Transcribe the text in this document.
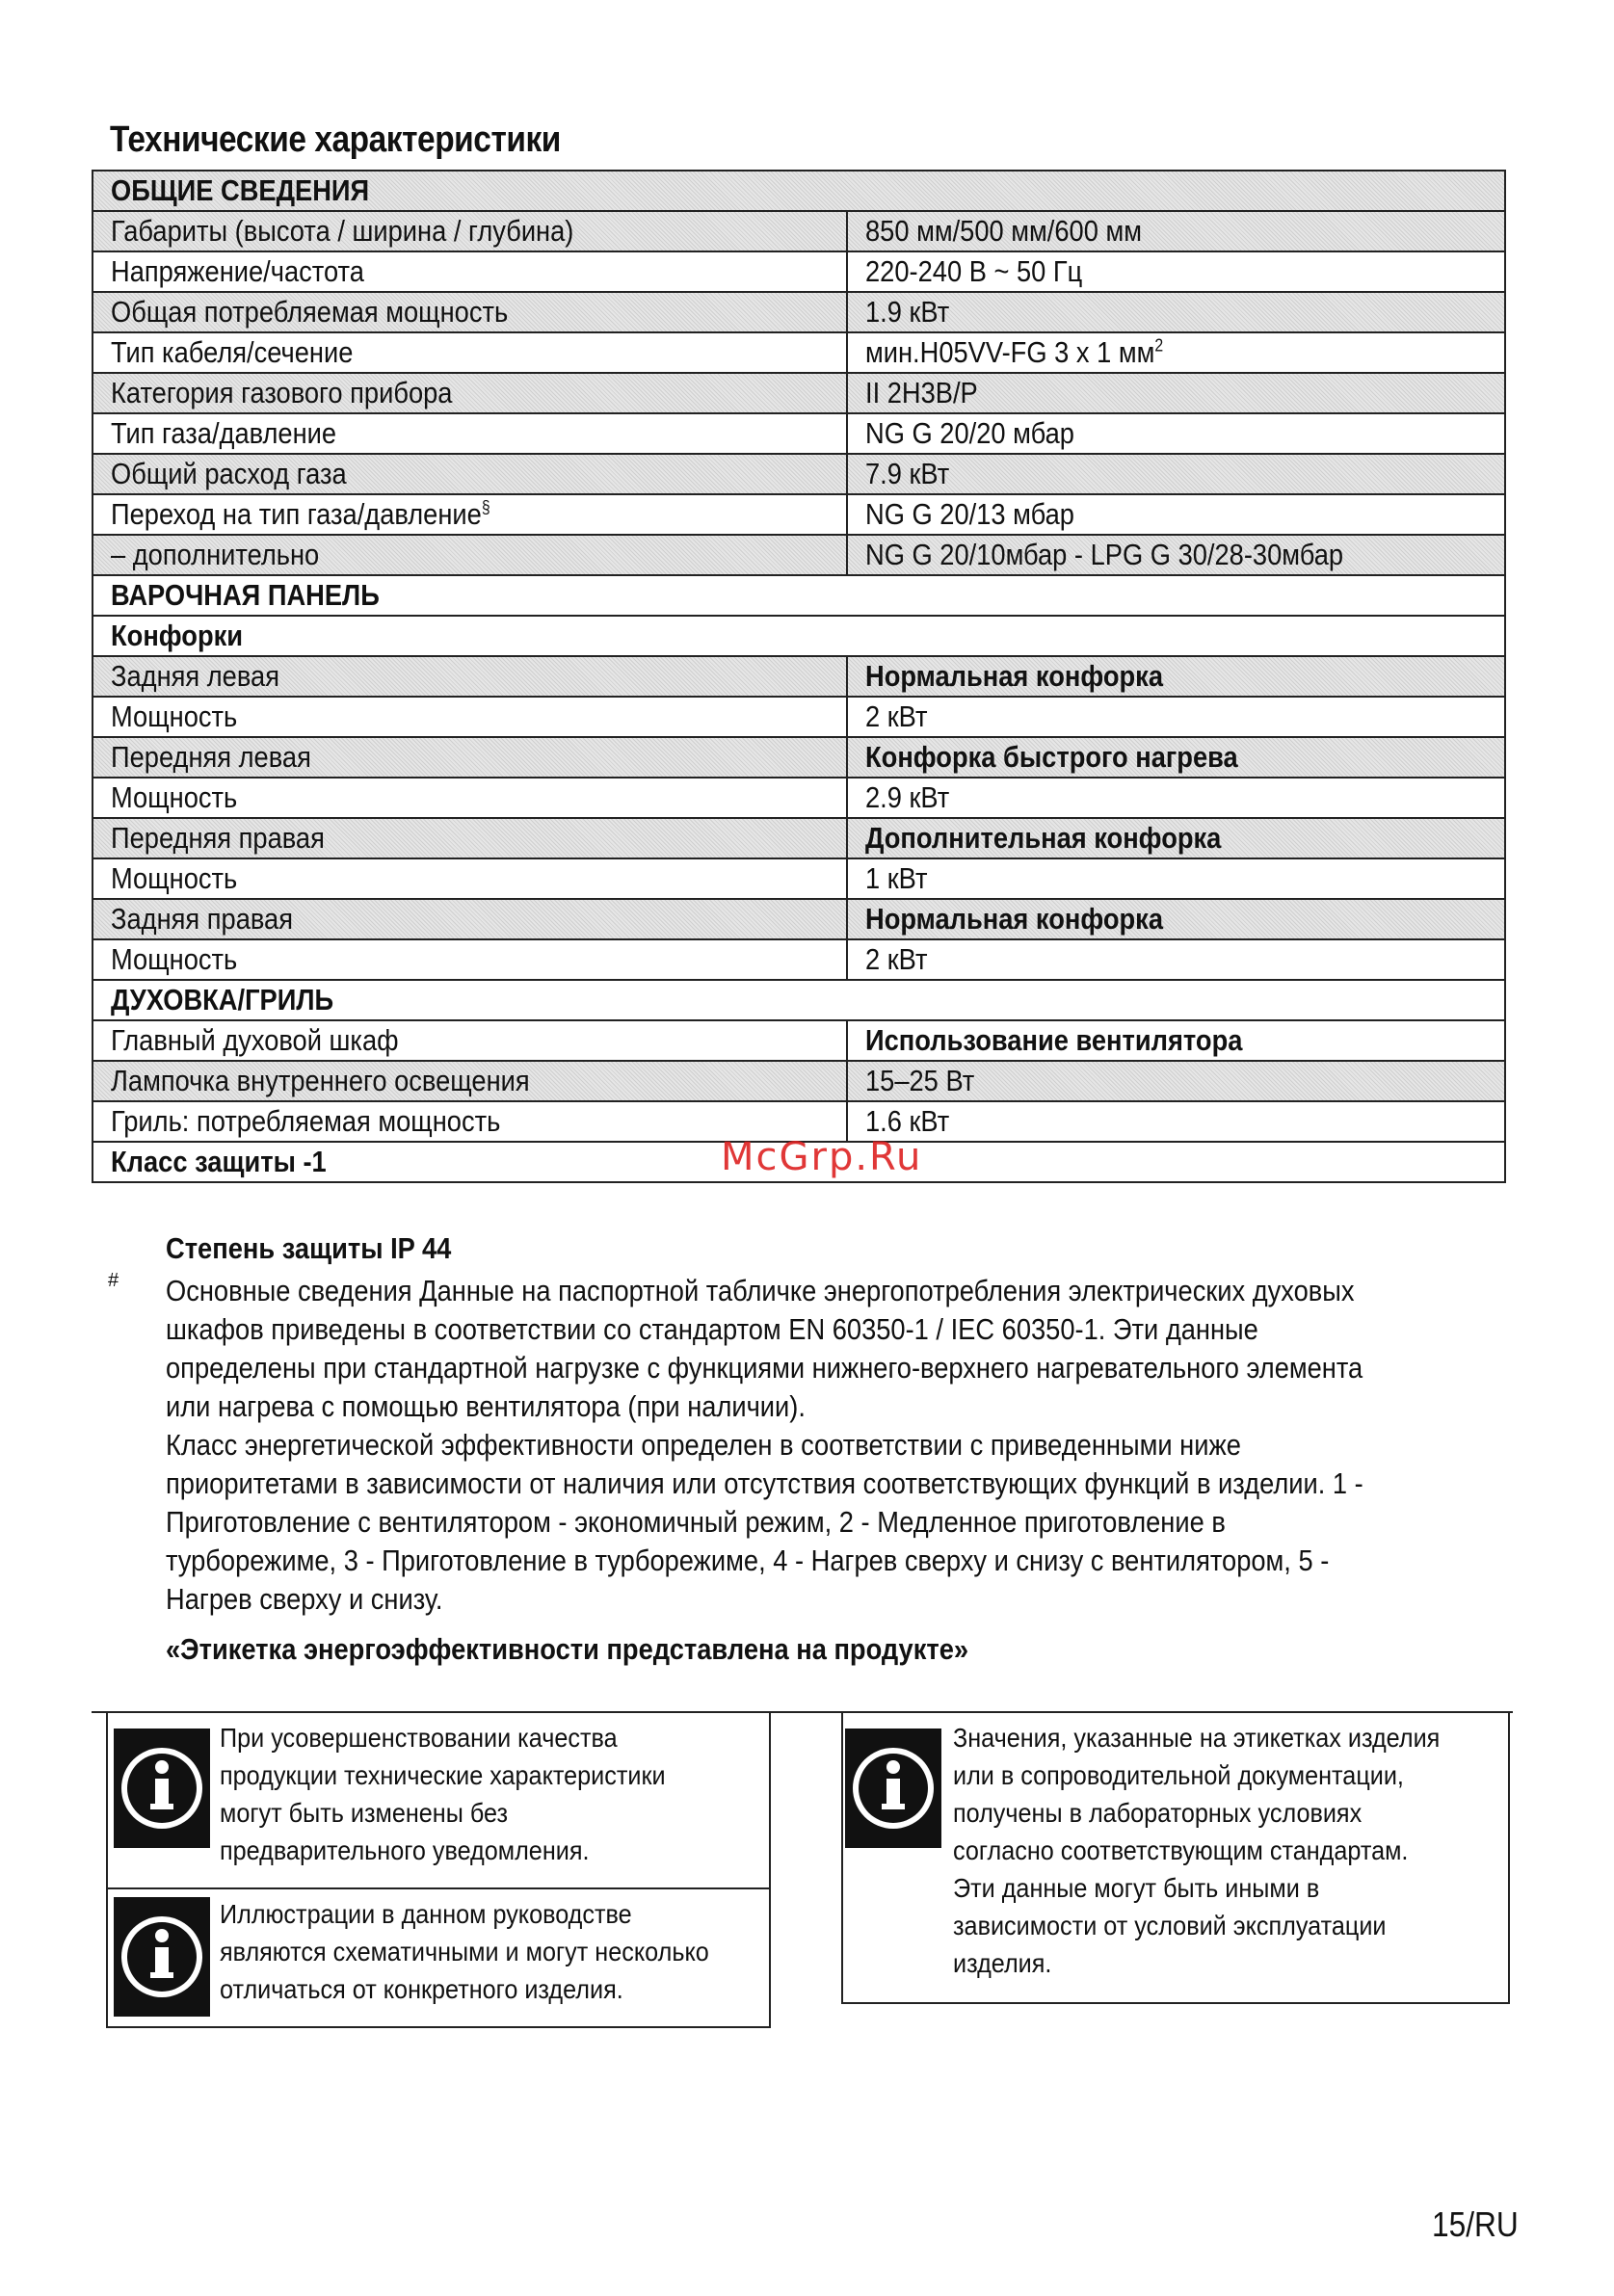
Технические характеристики
ОБЩИЕ СВЕДЕНИЯ	
Габариты (высота / ширина / глубина)	850 мм/500 мм/600 мм
Напряжение/частота	220-240 В ~ 50 Гц
Общая потребляемая мощность	1.9 кВт
Тип кабеля/сечение	мин.H05VV-FG 3 x 1 $мм^2$
Категория газового прибора	II 2H3B/P
Тип газа/давление	NG G 20/20 мбар
Общий расход газа	7.9 кВт
Переход на тип газа/давление§	NG G 20/13 мбар
– дополнительно	NG G 20/10мбар - LPG G 30/28-30мбар
ВАРОЧНАЯ ПАНЕЛЬ	
Конфорки	
Задняя левая	Нормальная конфорка
Мощность	2 кВт
Передняя левая	Конфорка быстрого нагрева
Мощность	2.9 кВт
Передняя правая	Дополнительная конфорка
Мощность	1 кВт
Задняя правая	Нормальная конфорка
Мощность	2 кВт
ДУХОВКА/ГРИЛЬ	
Главный духовой шкаф	Использование вентилятора
Лампочка внутреннего освещения	15–25 Вт
Гриль: потребляемая мощность	1.6 кВт
Класс защиты -1	
Степень защиты IP 44
# Основные сведения Данные на паспортной табличке энергопотребления электрических духовых
шкафов приведены в соответствии со стандартом EN 60350-1 / IEC 60350-1. Эти данные
определены при стандартной нагрузке с функциями нижнего-верхнего нагревательного элемента
или нагрева с помощью вентилятора (при наличии).
Класс энергетической эффективности определен в соответствии с приведенными ниже
приоритетами в зависимости от наличия или отсутствия соответствующих функций в изделии. 1 -
Приготовление с вентилятором - экономичный режим, 2 - Медленное приготовление в
турборежиме, 3 - Приготовление в турборежиме, 4 - Нагрев сверху и снизу с вентилятором, 5 -
Нагрев сверху и снизу.
«Этикетка энергоэффективности представлена на продукте»
При усовершенствовании качества
продукции технические характеристики
могут быть изменены без
предварительного уведомления.
Иллюстрации в данном руководстве
являются схематичными и могут несколько
отличаться от конкретного изделия.
Значения, указанные на этикетках изделия
или в сопроводительной документации,
получены в лабораторных условиях
согласно соответствующим стандартам.
Эти данные могут быть иными в
зависимости от условий эксплуатации
изделия.
McGrp.Ru
15/RU
